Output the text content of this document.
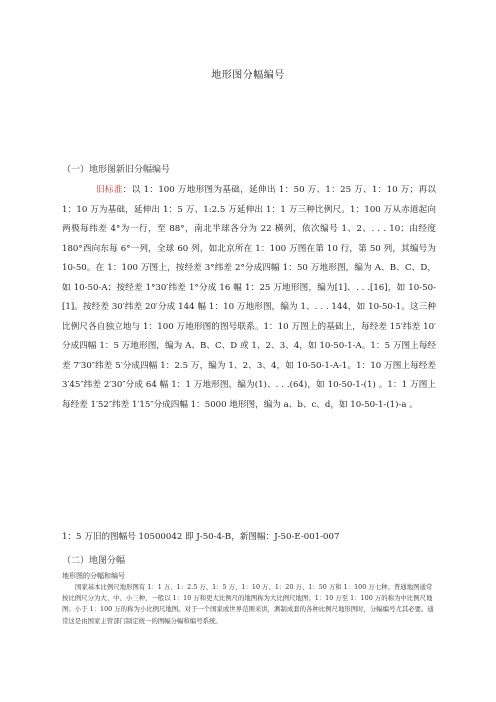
地形图分幅编号
（一）地形图新旧分幅编号
旧标准：以 1：100 万地形图为基础，延伸出 1：50 万、1：25 万、1：10 万；再以 1：10 万为基础，延伸出 1：5 万、1:2.5 万延伸出 1：1 万三种比例尺。1：100 万从赤道起向两极每纬差 4°为一行，至 88°，南北半球各分为 22 横列，依次编号 1、2、. . . 10；由经度 180°西向东每 6°一列，全球 60 列，如北京所在 1：100 万图在第 10 行，第 50 列，其编号为 10-50。在 1：100 万图上，按经差 3°纬差 2°分成四幅 1：50 万地形图，编为 A、B、C、D，如 10-50-A；按经差 1°30′纬差 1°分成 16 幅 1：25 万地形图，编为[1]、. . .[16]，如 10-50-[1]。按经差 30′纬差 20′分成 144 幅 1：10 万地形图，编为 1、. . . 144，如 10-50-1。这三种比例尺各自独立地与 1：100 万地形图的图号联系。1：10 万图上的基础上，每经差 15′纬差 10′分成四幅 1：5 万地形图，编为 A、B、C、D 或 1、2、3、4，如 10-50-1-A。1：5 万图上每经差 7′30″纬差 5′分成四幅 1：2.5 万，编为 1、2、3、4，如 10-50-1-A-1。1：10 万图上每经差 3′45″纬差 2′30″分成 64 幅 1：1 万地形图，编为(1)、. . .(64)，如 10-50-1-(1) 。1：1 万图上每经差 1′52″纬差 1′15″分成四幅 1：5000 地形图，编为 a、b、c、d，如 10-50-1-(1)-a 。
1：5 万旧的图幅号 10500042 即 J-50-4-B，新图幅：J-50-E-001-007
（二）地图分幅
地形图的分幅和编号
国家基本比例尺地形图有 1：1 万、1：2.5 万、1：5 万、1：10 万、1：20 万、1：50 万和 1：100 万七种。普通地图通常按比例尺分为大、中、小三种，一般以 1：10 万和更大比例尺的地图称为大比例尺地图；1：10 万至 1：100 万的称为中比例尺地图；小于 1：100 万的称为小比例尺地图。对于一个国家或世界范围来讲，测制成套的各种比例尺地形图时，分幅编号尤其必要。通常这是由国家主管部门制定统一的图幅分幅和编号系统。
